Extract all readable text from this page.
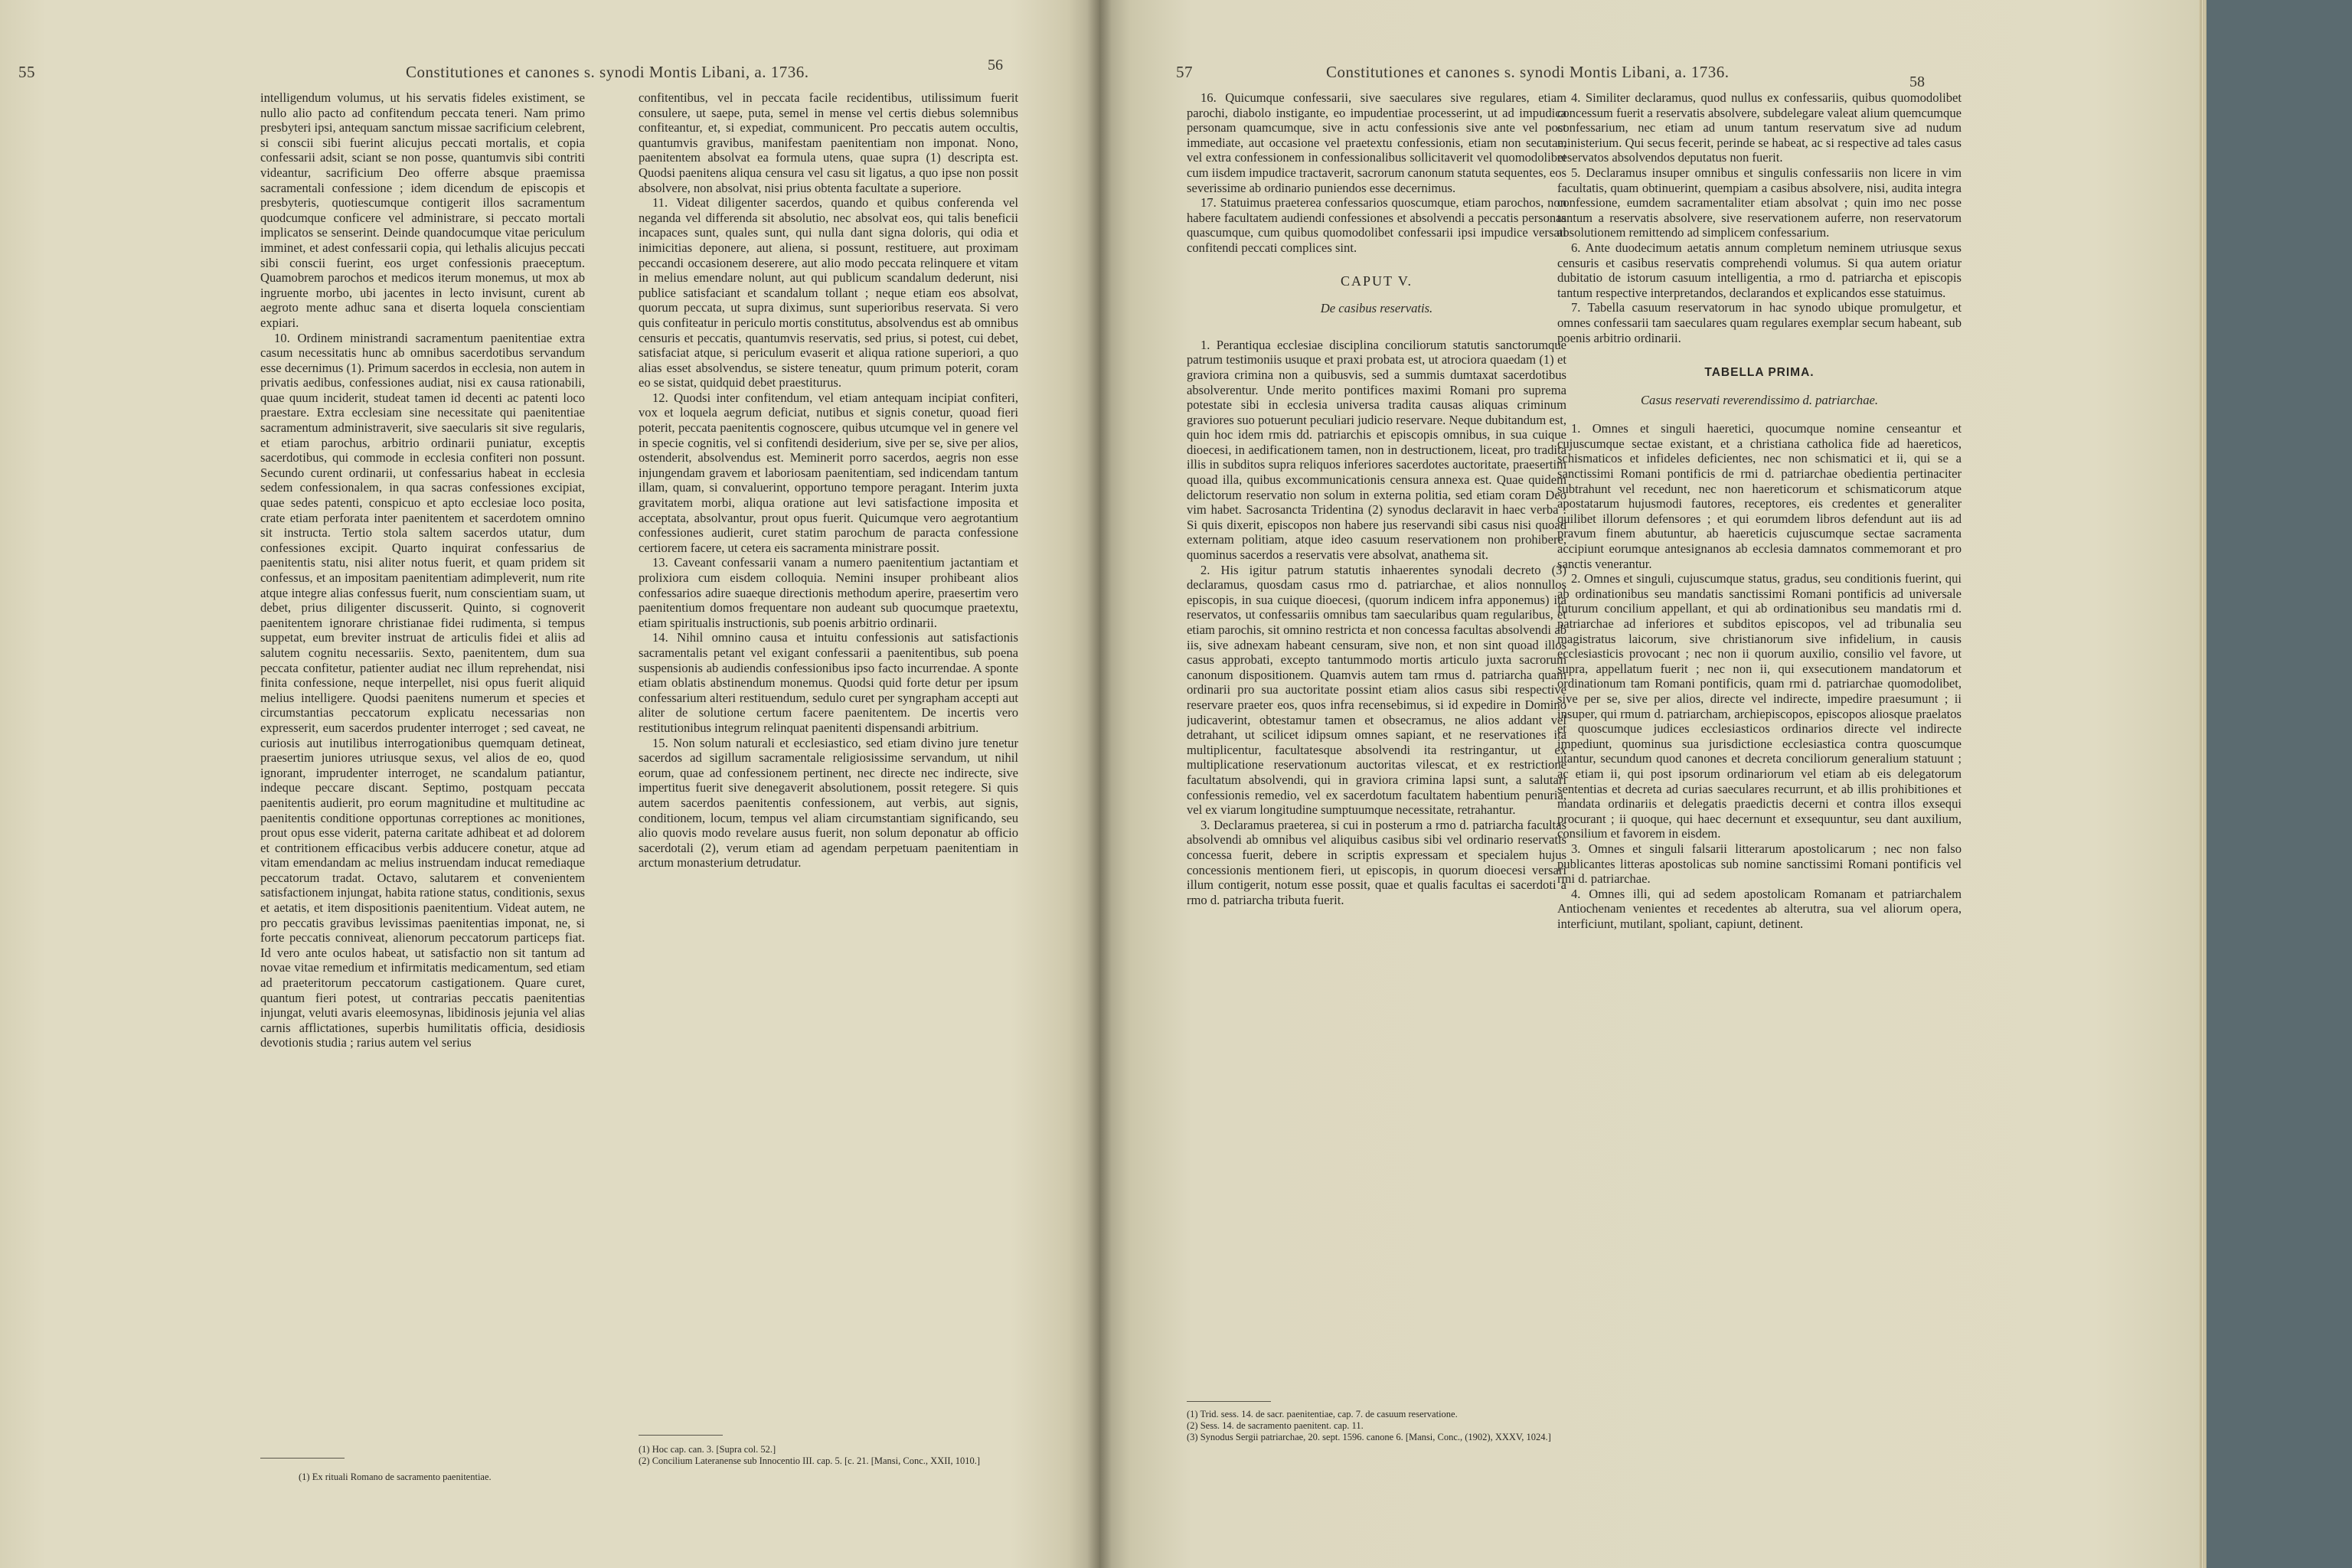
55	Constitutiones et canones s. synodi Montis Libani, a. 1736.	56

intelligendum volumus, ut his servatis fideles existiment, se nullo alio pacto ad confitendum peccata teneri. Nam primo presbyteri ipsi, antequam sanctum missae sacrificium celebrent, si conscii sibi fuerint alicujus peccati mortalis, et copia confessarii adsit, sciant se non posse, quantumvis sibi contriti videantur, sacrificium Deo offerre absque praemissa sacramentali confessione ; idem dicendum de episcopis et presbyteris, quotiescumque contigerit illos sacramentum quodcumque conficere vel administrare, si peccato mortali implicatos se senserint. Deinde quandocumque vitae periculum imminet, et adest confessarii copia, qui lethalis alicujus peccati sibi conscii fuerint, eos urget confessionis praeceptum. Quamobrem parochos et medicos iterum monemus, ut mox ab ingruente morbo, ubi jacentes in lecto invisunt, curent ab aegroto mente adhuc sana et diserta loquela conscientiam expiari.

10. Ordinem ministrandi sacramentum paenitentiae extra casum necessitatis hunc ab omnibus sacerdotibus servandum esse decernimus (1). Primum sacerdos in ecclesia, non autem in privatis aedibus, confessiones audiat, nisi ex causa rationabili, quae quum inciderit, studeat tamen id decenti ac patenti loco praestare. Extra ecclesiam sine necessitate qui paenitentiae sacramentum administraverit, sive saecularis sit sive regularis, et etiam parochus, arbitrio ordinarii puniatur, exceptis sacerdotibus, qui commode in ecclesia confiteri non possunt. Secundo curent ordinarii, ut confessarius habeat in ecclesia sedem confessionalem, in qua sacras confessiones excipiat, quae sedes patenti, conspicuo et apto ecclesiae loco posita, crate etiam perforata inter paenitentem et sacerdotem omnino sit instructa. Tertio stola saltem sacerdos utatur, dum confessiones excipit. Quarto inquirat confessarius de paenitentis statu, nisi aliter notus fuerit, et quam pridem sit confessus, et an impositam paenitentiam adimpleverit, num rite atque integre alias confessus fuerit, num conscientiam suam, ut debet, prius diligenter discusserit. Quinto, si cognoverit paenitentem ignorare christianae fidei rudimenta, si tempus suppetat, eum breviter instruat de articulis fidei et aliis ad salutem cognitu necessariis. Sexto, paenitentem, dum sua peccata confitetur, patienter audiat nec illum reprehendat, nisi finita confessione, neque interpellet, nisi opus fuerit aliquid melius intelligere. Quodsi paenitens numerum et species et circumstantias peccatorum explicatu necessarias non expresserit, eum sacerdos prudenter interroget ; sed caveat, ne curiosis aut inutilibus interrogationibus quemquam detineat, praesertim juniores utriusque sexus, vel alios de eo, quod ignorant, imprudenter interroget, ne scandalum patiantur, indeque peccare discant. Septimo, postquam peccata paenitentis audierit, pro eorum magnitudine et multitudine ac paenitentis conditione opportunas correptiones ac monitiones, prout opus esse viderit, paterna caritate adhibeat et ad dolorem et contritionem efficacibus verbis adducere conetur, atque ad vitam emendandam ac melius instruendam inducat remediaque peccatorum tradat. Octavo, salutarem et convenientem satisfactionem injungat, habita ratione status, conditionis, sexus et aetatis, et item dispositionis paenitentium. Videat autem, ne pro peccatis gravibus levissimas paenitentias imponat, ne, si forte peccatis conniveat, alienorum peccatorum particeps fiat. Id vero ante oculos habeat, ut satisfactio non sit tantum ad novae vitae remedium et infirmitatis medicamentum, sed etiam ad praeteritorum peccatorum castigationem. Quare curet, quantum fieri potest, ut contrarias peccatis paenitentias injungat, veluti avaris eleemosynas, libidinosis jejunia vel alias carnis afflictationes, superbis humilitatis officia, desidiosis devotionis studia ; rarius autem vel serius

confitentibus, vel in peccata facile recidentibus, utilissimum fuerit consulere, ut saepe, puta, semel in mense vel certis diebus solemnibus confiteantur, et, si expediat, communicent. Pro peccatis autem occultis, quantumvis gravibus, manifestam paenitentiam non imponat. Nono, paenitentem absolvat ea formula utens, quae supra (1) descripta est. Quodsi paenitens aliqua censura vel casu sit ligatus, a quo ipse non possit absolvere, non absolvat, nisi prius obtenta facultate a superiore.

11. Videat diligenter sacerdos, quando et quibus conferenda vel neganda vel differenda sit absolutio, nec absolvat eos, qui talis beneficii incapaces sunt, quales sunt, qui nulla dant signa doloris, qui odia et inimicitias deponere, aut aliena, si possunt, restituere, aut proximam peccandi occasionem deserere, aut alio modo peccata relinquere et vitam in melius emendare nolunt, aut qui publicum scandalum dederunt, nisi publice satisfaciant et scandalum tollant ; neque etiam eos absolvat, quorum peccata, ut supra diximus, sunt superioribus reservata. Si vero quis confiteatur in periculo mortis constitutus, absolvendus est ab omnibus censuris et peccatis, quantumvis reservatis, sed prius, si potest, cui debet, satisfaciat atque, si periculum evaserit et aliqua ratione superiori, a quo alias esset absolvendus, se sistere teneatur, quum primum poterit, coram eo se sistat, quidquid debet praestiturus.

12. Quodsi inter confitendum, vel etiam antequam incipiat confiteri, vox et loquela aegrum deficiat, nutibus et signis conetur, quoad fieri poterit, peccata paenitentis cognoscere, quibus utcumque vel in genere vel in specie cognitis, vel si confitendi desiderium, sive per se, sive per alios, ostenderit, absolvendus est. Meminerit porro sacerdos, aegris non esse injungendam gravem et laboriosam paenitentiam, sed indicendam tantum illam, quam, si convaluerint, opportuno tempore peragant. Interim juxta gravitatem morbi, aliqua oratione aut levi satisfactione imposita et acceptata, absolvantur, prout opus fuerit. Quicumque vero aegrotantium confessiones audierit, curet statim parochum de paracta confessione certiorem facere, ut cetera eis sacramenta ministrare possit.

13. Caveant confessarii vanam a numero paenitentium jactantiam et prolixiora cum eisdem colloquia. Nemini insuper prohibeant alios confessarios adire suaeque directionis methodum aperire, praesertim vero paenitentium domos frequentare non audeant sub quocumque praetextu, etiam spiritualis instructionis, sub poenis arbitrio ordinarii.

14. Nihil omnino causa et intuitu confessionis aut satisfactionis sacramentalis petant vel exigant confessarii a paenitentibus, sub poena suspensionis ab audiendis confessionibus ipso facto incurrendae. A sponte etiam oblatis abstinendum monemus. Quodsi quid forte detur per ipsum confessarium alteri restituendum, sedulo curet per syngrapham accepti aut aliter de solutione certum facere paenitentem. De incertis vero restitutionibus integrum relinquat paenitenti dispensandi arbitrium.

15. Non solum naturali et ecclesiastico, sed etiam divino jure tenetur sacerdos ad sigillum sacramentale religiosissime servandum, ut nihil eorum, quae ad confessionem pertinent, nec directe nec indirecte, sive impertitus fuerit sive denegaverit absolutionem, possit retegere. Si quis autem sacerdos paenitentis confessionem, aut verbis, aut signis, conditionem, locum, tempus vel aliam circumstantiam significando, seu alio quovis modo revelare ausus fuerit, non solum deponatur ab officio sacerdotali (2), verum etiam ad agendam perpetuam paenitentiam in arctum monasterium detrudatur.

(1) Ex rituali Romano de sacramento paenitentiae.

(1) Hoc cap. can. 3. [Supra col. 52.]

(2) Concilium Lateranense sub Innocentio III. cap. 5. [c. 21. [Mansi, Conc., XXII, 1010.]

57	Constitutiones et canones s. synodi Montis Libani, a. 1736.
58

16. Quicumque confessarii, sive saeculares sive regulares, etiam parochi, diabolo instigante, eo impudentiae processerint, ut ad impudica personam quamcumque, sive in actu confessionis sive ante vel post immediate, aut occasione vel praetextu confessionis, etiam non secutae, vel extra confessionem in confessionalibus sollicitaverit vel quomodolibet cum iisdem impudice tractaverit, sacrorum canonum statuta sequentes, eos severissime ab ordinario puniendos esse decernimus.

17. Statuimus praeterea confessarios quoscumque, etiam parochos, non habere facultatem audiendi confessiones et absolvendi a peccatis personas quascumque, cum quibus quomodolibet confessarii ipsi impudice versati confitendi peccati complices sint.

CAPUT V.
De casibus reservatis.

1. Perantiqua ecclesiae disciplina conciliorum statutis sanctorumque patrum testimoniis usuque et praxi probata est, ut atrociora quaedam (1) et graviora crimina non a quibusvis, sed a summis dumtaxat sacerdotibus absolverentur. Unde merito pontifices maximi Romani pro suprema potestate sibi in ecclesia universa tradita causas aliquas criminum graviores suo potuerunt peculiari judicio reservare. Neque dubitandum est, quin hoc idem rmis dd. patriarchis et episcopis omnibus, in sua cuique dioecesi, in aedificationem tamen, non in destructionem, liceat, pro tradita illis in subditos supra reliquos inferiores sacerdotes auctoritate, praesertim quoad illa, quibus excommunicationis censura annexa est. Quae quidem delictorum reservatio non solum in externa politia, sed etiam coram Deo vim habet. Sacrosancta Tridentina (2) synodus declaravit in haec verba : Si quis dixerit, episcopos non habere jus reservandi sibi casus nisi quoad externam politiam, atque ideo casuum reservationem non prohibere, quominus sacerdos a reservatis vere absolvat, anathema sit.

2. His igitur patrum statutis inhaerentes synodali decreto (3) declaramus, quosdam casus rmo d. patriarchae, et alios nonnullos episcopis, in sua cuique dioecesi, (quorum indicem infra apponemus) ita reservatos, ut confessariis omnibus tam saecularibus quam regularibus, et etiam parochis, sit omnino restricta et non concessa facultas absolvendi ab iis, sive adnexam habeant censuram, sive non, et non sint quoad illos casus approbati, excepto tantummodo mortis articulo juxta sacrorum canonum dispositionem. Quamvis autem tam rmus d. patriarcha quam ordinarii pro sua auctoritate possint etiam alios casus sibi respective reservare praeter eos, quos infra recensebimus, si id expedire in Domino judicaverint, obtestamur tamen et obsecramus, ne alios addant vel detrahant, ut scilicet idipsum omnes sapiant, et ne reservationes ita multiplicentur, facultatesque absolvendi ita restringantur, ut ex multiplicatione reservationum auctoritas vilescat, et ex restrictione facultatum absolvendi, qui in graviora crimina lapsi sunt, a salutari confessionis remedio, vel ex sacerdotum facultatem habentium penuria, vel ex viarum longitudine sumptuumque necessitate, retrahantur.

3. Declaramus praeterea, si cui in posterum a rmo d. patriarcha facultas absolvendi ab omnibus vel aliquibus casibus sibi vel ordinario reservatis concessa fuerit, debere in scriptis expressam et specialem hujus concessionis mentionem fieri, ut episcopis, in quorum dioecesi versari illum contigerit, notum esse possit, quae et qualis facultas ei sacerdoti a rmo d. patriarcha tributa fuerit.

4. Similiter declaramus, quod nullus ex confessariis, quibus quomodolibet concessum fuerit a reservatis absolvere, subdelegare valeat alium quemcumque confessarium, nec etiam ad unum tantum reservatum sive ad nudum ministerium. Qui secus fecerit, perinde se habeat, ac si respective ad tales casus reservatos absolvendos deputatus non fuerit.

5. Declaramus insuper omnibus et singulis confessariis non licere in vim facultatis, quam obtinuerint, quempiam a casibus absolvere, nisi, audita integra confessione, eumdem sacramentaliter etiam absolvat ; quin imo nec posse tantum a reservatis absolvere, sive reservationem auferre, non reservatorum absolutionem remittendo ad simplicem confessarium.

6. Ante duodecimum aetatis annum completum neminem utriusque sexus censuris et casibus reservatis comprehendi volumus. Si qua autem oriatur dubitatio de istorum casuum intelligentia, a rmo d. patriarcha et episcopis tantum respective interpretandos, declarandos et explicandos esse statuimus.

7. Tabella casuum reservatorum in hac synodo ubique promulgetur, et omnes confessarii tam saeculares quam regulares exemplar secum habeant, sub poenis arbitrio ordinarii.

TABELLA PRIMA.
Casus reservati reverendissimo d. patriarchae.

1. Omnes et singuli haeretici, quocumque nomine censeantur et cujuscumque sectae existant, et a christiana catholica fide ad haereticos, schismaticos et infideles deficientes, nec non schismatici et ii, qui se a sanctissimi Romani pontificis de rmi d. patriarchae obedientia pertinaciter subtrahunt vel recedunt, nec non haereticorum et schismaticorum atque apostatarum hujusmodi fautores, receptores, eis credentes et generaliter quilibet illorum defensores ; et qui eorumdem libros defendunt aut iis ad pravum finem abutuntur, ab haereticis cujuscumque sectae sacramenta accipiunt eorumque antesignanos ab ecclesia damnatos commemorant et pro sanctis venerantur.

2. Omnes et singuli, cujuscumque status, gradus, seu conditionis fuerint, qui ab ordinationibus seu mandatis sanctissimi Romani pontificis ad universale futurum concilium appellant, et qui ab ordinationibus seu mandatis rmi d. patriarchae ad inferiores et subditos episcopos, vel ad tribunalia seu magistratus laicorum, sive christianorum sive infidelium, in causis ecclesiasticis provocant ; nec non ii quorum auxilio, consilio vel favore, ut supra, appellatum fuerit ; nec non ii, qui exsecutionem mandatorum et ordinationum tam Romani pontificis, quam rmi d. patriarchae quomodolibet, sive per se, sive per alios, directe vel indirecte, impedire praesumunt ; ii insuper, qui rmum d. patriarcham, archiepiscopos, episcopos aliosque praelatos et quoscumque judices ecclesiasticos ordinarios directe vel indirecte impediunt, quominus sua jurisdictione ecclesiastica contra quoscumque utantur, secundum quod canones et decreta conciliorum generalium statuunt ; ac etiam ii, qui post ipsorum ordinariorum vel etiam ab eis delegatorum sententias et decreta ad curias saeculares recurrunt, et ab illis prohibitiones et mandata ordinariis et delegatis praedictis decerni et contra illos exsequi procurant ; ii quoque, qui haec decernunt et exsequuntur, seu dant auxilium, consilium et favorem in eisdem.

3. Omnes et singuli falsarii litterarum apostolicarum ; nec non falso publicantes litteras apostolicas sub nomine sanctissimi Romani pontificis vel rmi d. patriarchae.

4. Omnes illi, qui ad sedem apostolicam Romanam et patriarchalem Antiochenam venientes et recedentes ab alterutra, sua vel aliorum opera, interficiunt, mutilant, spoliant, capiunt, detinent.

(1) Trid. sess. 14. de sacr. paenitentiae, cap. 7. de casuum reservatione.

(2) Sess. 14. de sacramento paenitent. cap. 11.

(3) Synodus Sergii patriarchae, 20. sept. 1596. canone 6. [Mansi, Conc., (1902), XXXV, 1024.]
